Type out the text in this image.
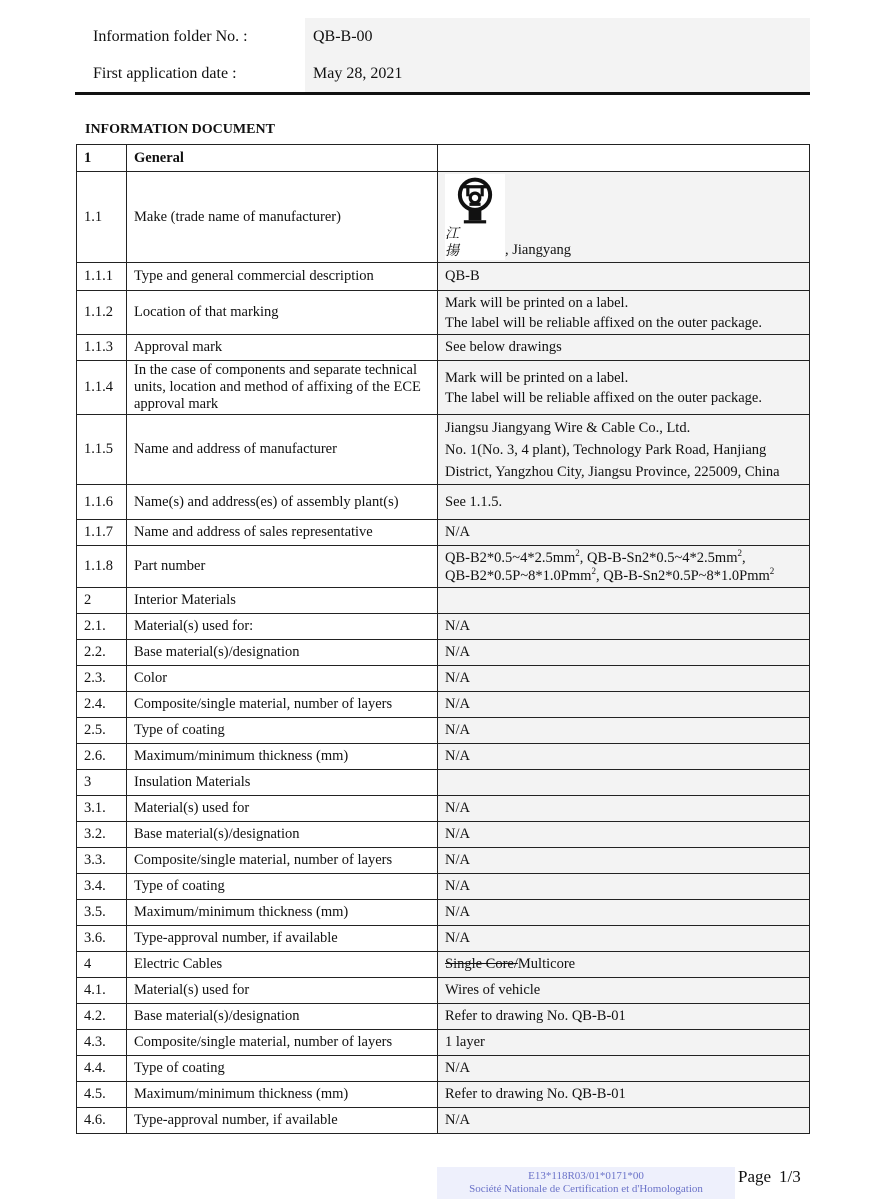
Information folder No. :	QB-B-00
First application date :	May 28, 2021
INFORMATION DOCUMENT
1	General	
1.1	Make (trade name of manufacturer)	江 揚 , Jiangyang

1.1.1	Type and general commercial description	QB-B
1.1.2	Location of that marking	Mark will be printed on a label.
The label will be reliable affixed on the outer package.

1.1.3	Approval mark	See below drawings
1.1.4	In the case of components and separate technical units, location and method of affixing of the ECE approval mark	Mark will be printed on a label.
The label will be reliable affixed on the outer package.

1.1.5	Name and address of manufacturer	Jiangsu Jiangyang Wire & Cable Co., Ltd.
No. 1(No. 3, 4 plant), Technology Park Road, Hanjiang
District, Yangzhou City, Jiangsu Province, 225009, China

1.1.6	Name(s) and address(es) of assembly plant(s)	See 1.1.5.
1.1.7	Name and address of sales representative	N/A
1.1.8	Part number	$QB-B2*0.5\sim 4*2.5mm^2$, $QB-B-Sn2*0.5\sim 4*2.5mm^2$,
QB-B2*0.5P~8*1.0Pmm$^2$, QB-B-Sn2*0.5P~8*1.0Pmm$^2$

2	Interior Materials	
2.1.	Material(s) used for:	N/A
2.2.	Base material(s)/designation	N/A
2.3.	Color	N/A
2.4.	Composite/single material, number of layers	N/A
2.5.	Type of coating	N/A
2.6.	Maximum/minimum thickness (mm)	N/A
3	Insulation Materials	
3.1.	Material(s) used for	N/A
3.2.	Base material(s)/designation	N/A
3.3.	Composite/single material, number of layers	N/A
3.4.	Type of coating	N/A
3.5.	Maximum/minimum thickness (mm)	N/A
3.6.	Type-approval number, if available	N/A
4	Electric Cables	Single Core/Multicore
4.1.	Material(s) used for	Wires of vehicle
4.2.	Base material(s)/designation	Refer to drawing No. QB-B-01
4.3.	Composite/single material, number of layers	1 layer
4.4.	Type of coating	N/A
4.5.	Maximum/minimum thickness (mm)	Refer to drawing No. QB-B-01
4.6.	Type-approval number, if available	N/A
E13*118R03/01*0171*00
Société Nationale de Certification et d'Homologation
Page 1/3
